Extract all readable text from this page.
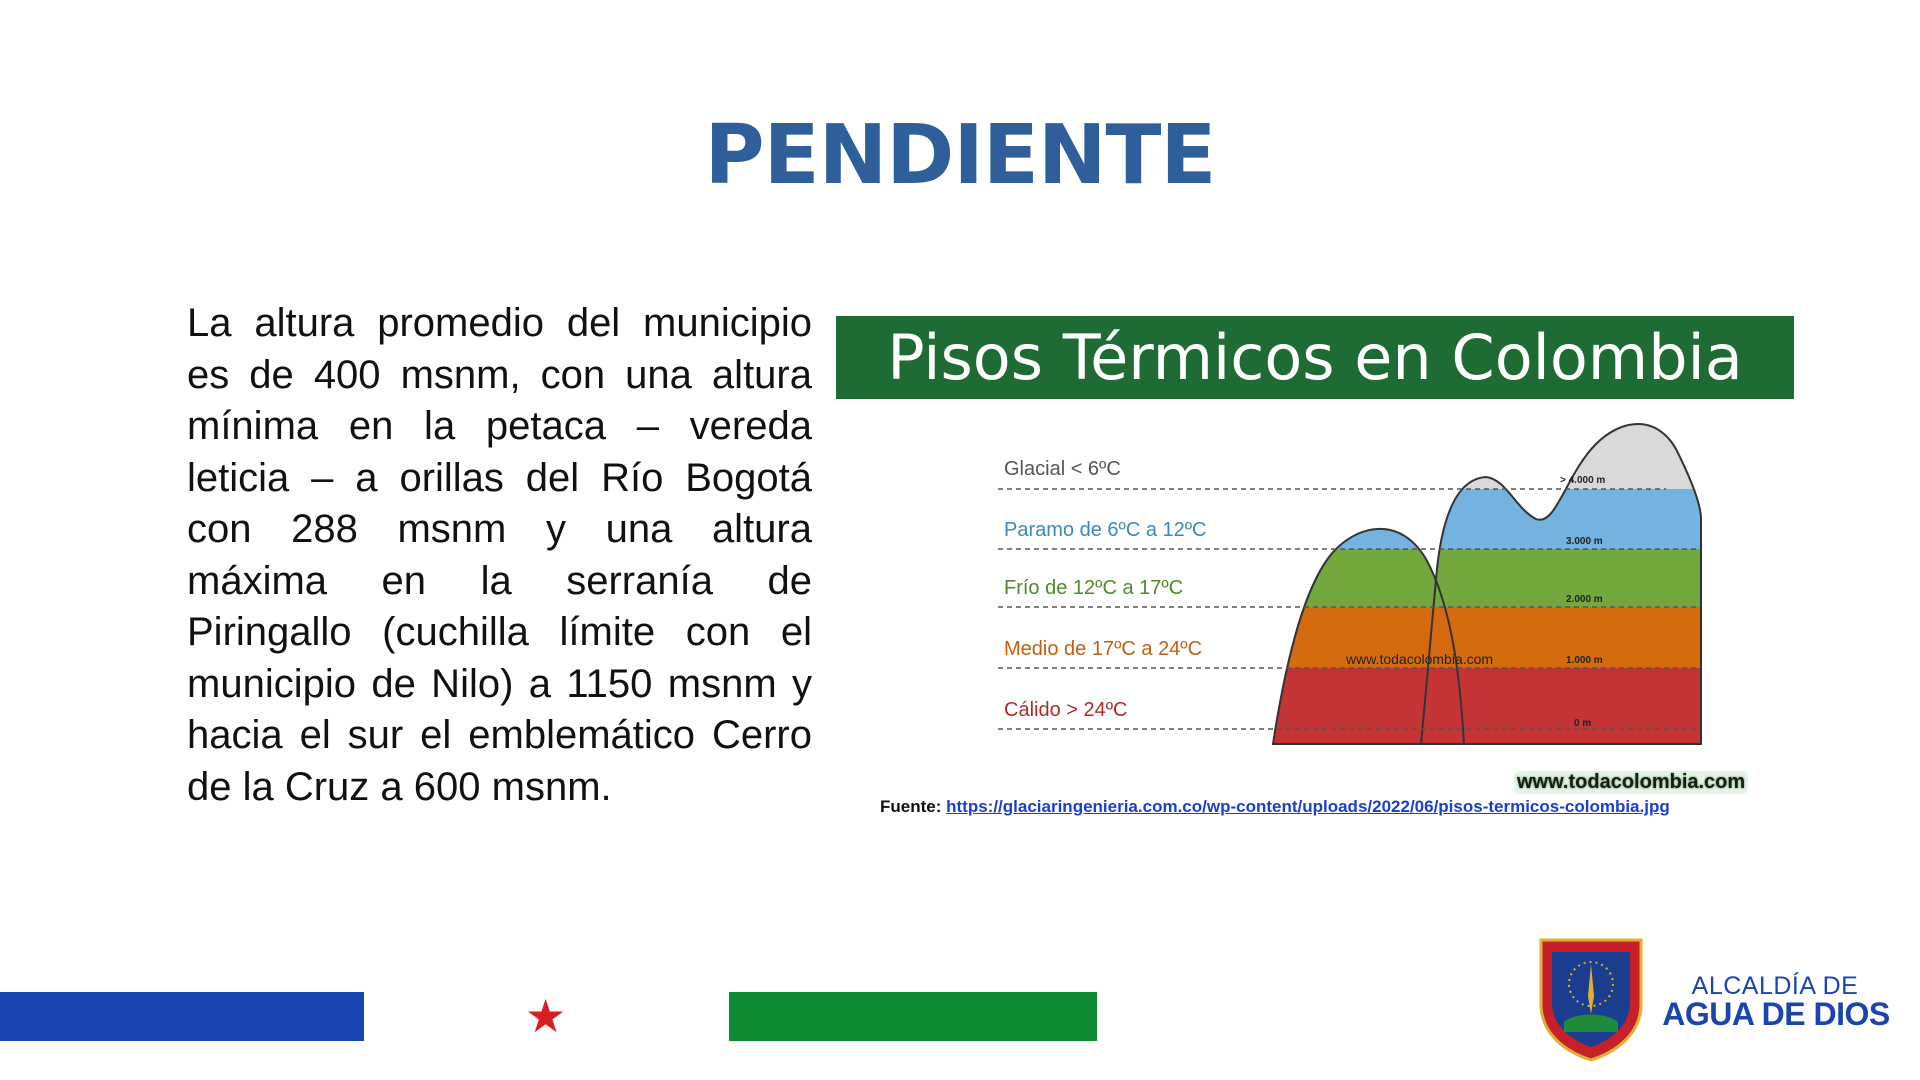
PENDIENTE

La altura promedio del municipio es de 400 msnm, con una altura mínima en la petaca – vereda leticia – a orillas del Río Bogotá con 288 msnm y una altura máxima en la serranía de Piringallo (cuchilla límite con el municipio de Nilo) a 1150 msnm y hacia el sur el emblemático Cerro de la Cruz a 600 msnm.

Pisos Térmicos en Colombia
Glacial < 6ºC
Paramo de 6ºC a 12ºC
Frío de 12ºC a 17ºC
Medio de 17ºC a 24ºC
Cálido > 24ºC
> 4.000 m
3.000 m
2.000 m
1.000 m
0 m
www.todacolombia.com
www.todacolombia.com
Fuente: https://glaciaringenieria.com.co/wp-content/uploads/2022/06/pisos-termicos-colombia.jpg
★
ALCALDÍA DE
AGUA DE DIOS
